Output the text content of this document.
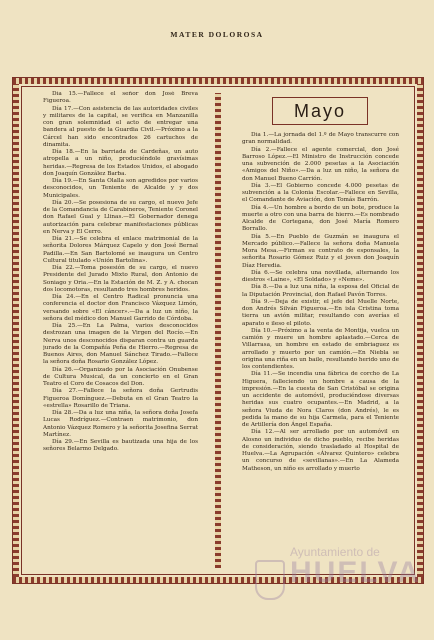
MATER DOLOROSA

Día 15.—Fallece el señor don José Breva Figueroa.

Día 17.—Con asistencia de las autoridades civiles y militares de la capital, se verifica en Manzanilla con gran solemnidad el acto de entregar una bandera al puesto de la Guardia Civil.—Próximo a la Cárcel han sido encontrados 26 cartuchos de dinamita.

Día 18.—En la barriada de Cardeñas, un auto atropella a un niño, produciéndole gravísimas heridas.—Regresa de los Estados Unidos, el abogado don Joaquín González Barba.

Día 19.—En Santa Olalla son agredidos por varios desconocidos, un Teniente de Alcalde y y dos Municipales.

Día 20.—Se posesiona de su cargo, el nuevo Jefe de la Comandancia de Carabineros, Teniente Coronel don Rafael Gual y Llinas.—El Gobernador denega autorización para celebrar manifestaciones públicas en Nerva y El Cerro.

Día 21.—Se celebra el enlace matrimonial de la señorita Dolores Márquez Capelo y don José Bernal Padilla.—En San Bartolomé se inaugura un Centro Cultural titulado «Unión Bartolina».

Día 22.—Toma posesión de su cargo, el nuevo Presidente del Jurado Mixto Rural, don Antonio de Soniago y Oria.—En la Estación de M. Z. y A. chocan dos locomotoras, resultando tres hombres heridos.

Día 24.—En el Centro Radical pronuncia una conferencia el doctor don Francisco Vázquez Limón, versando sobre «El cáncer».—Da a luz un niño, la señora del médico don Manuel Garrido de Córdoba.

Día 25.—En La Palma, varios desconocidos destrozan una imagen de la Virgen del Rocío.—En Nerva unos desconocidos disparan contra un guarda jurado de la Compañía Peña de Hierro.—Regresa de Buenos Aires, don Manuel Sánchez Tirado.—Fallece la señora doña Rosario González López.

Día 26.—Organizado por la Asociación Onubense de Cultura Musical, da un concierto en el Gran Teatro el Coro de Cosacos del Don.

Día 27.—Fallece la señora doña Gertrudis Figueroa Domínguez.—Debuta en el Gran Teatro la «estrella» Rosarillo de Triana.

Día 28.—Da a luz una niña, la señora doña Josefa Lucas Rodríguez.—Contraen matrimonio, don Antonio Vázquez Romero y la señorita Josefina Serrat Martínez.

Día 29.—En Sevilla es bautizada una hija de los señores Belarmo Delgado.

Mayo

Día 1.—La jornada del 1.º de Mayo transcurre con gran normalidad.

Día 2.—Fallece el agente comercial, don José Barroso López.—El Ministro de Instrucción concede una subvención de 2.000 pesetas a la Asociación «Amigos del Niño».—Da a luz un niño, la señora de don Manuel Bueno Carrión.

Día 3.—El Gobierno concede 4.000 pesetas de subvención a la Colonia Escolar.—Fallece en Sevilla, el Comandante de Aviación, don Tomás Barrón.

Día 4.—Un hombre a bordo de un bote, produce la muerte a otro con una barra de hierro.—Es nombrado Alcalde de Cortegana, don José María Romero Borrallo.

Día 5.—En Pueblo de Guzmán se inaugura el Mercado público.—Fallece la señora doña Manuela Mora Mesa.—Firman su contrato de esponsales, la señorita Rosario Gómez Ruiz y el joven don Joaquín Díaz Heredia.

Día 6.—Se celebra una novillada, alternando los diestros «Laine», «El Soldado» y «Neme».

Día 8.—Da a luz una niña, la esposa del Oficial de la Diputación Provincial, don Rafael Pavón Torres.

Día 9.—Deja de existir, el jefe del Muelle Norte, don Andrés Silván Figueroa.—En isla Cristina toma tierra un avión militar, resultando con averías el aparato e ileso el piloto.

Día 10.—Próximo a la venta de Montija, vuelca un camión y muere un hombre aplastado.—Cerca de Villarrasa, un hombre en estado de embriaguez es arrollado y muerto por un camión.—En Niebla se origina una riña en un baile, resultando herido uno de los contendientes.

Día 11.—Se incendia una fábrica de corcho de La Higuera, falleciendo un hombre a causa de la impresión.—En la cuesta de San Cristóbal se origina un accidente de automóvil, produciéndose diversas heridas sus cuatro ocupantes.—En Madrid, a la señora Viuda de Nora Claros (don Andrés), le es pedida la mano de su hija Carmela, para el Teniente de Artillería don Ángel España.

Día 12.—Al ser arrollado por un automóvil en Alosno un individuo de dicho pueblo, recibe heridas de consideración, siendo trasladado al Hospital de Huelva.—La Agrupación «Álvarez Quintero» celebra un concurso de «sevillanas».—En La Alameda Matheson, un niño es arrollado y muerto

Ayuntamiento de
HUELVA
